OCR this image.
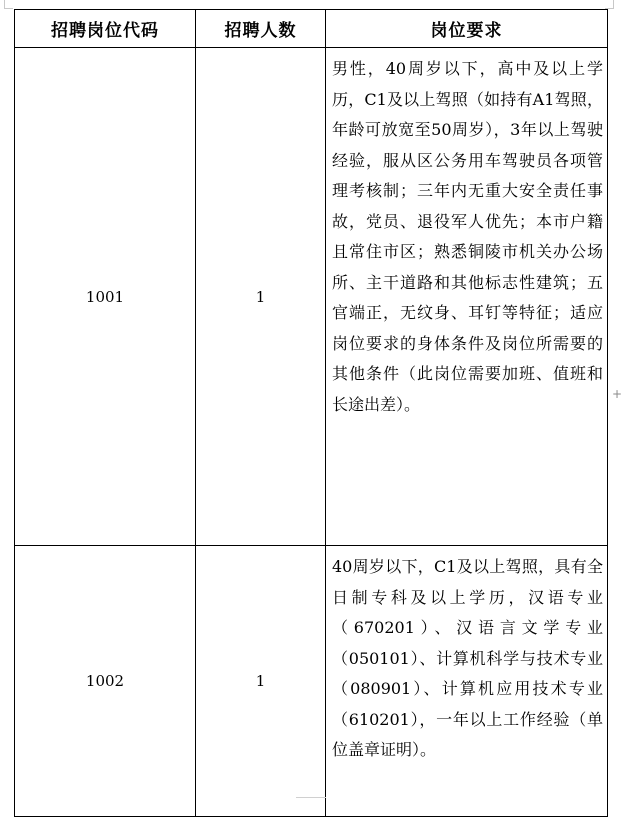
招聘岗位代码	招聘人数	岗位要求
1001	1	男性，40周岁以下，高中及以上学历，C1及以上驾照（如持有A1驾照，年龄可放宽至50周岁），3年以上驾驶经验，服从区公务用车驾驶员各项管理考核制；三年内无重大安全责任事故，党员、退役军人优先；本市户籍且常住市区；熟悉铜陵市机关办公场所、主干道路和其他标志性建筑；五官端正，无纹身、耳钉等特征；适应岗位要求的身体条件及岗位所需要的其他条件（此岗位需要加班、值班和长途出差）。
1002	1	40周岁以下，C1及以上驾照，具有全日制专科及以上学历，汉语专业（670201）、汉语言文学专业（050101）、计算机科学与技术专业（080901）、计算机应用技术专业（610201），一年以上工作经验（单位盖章证明）。
+
